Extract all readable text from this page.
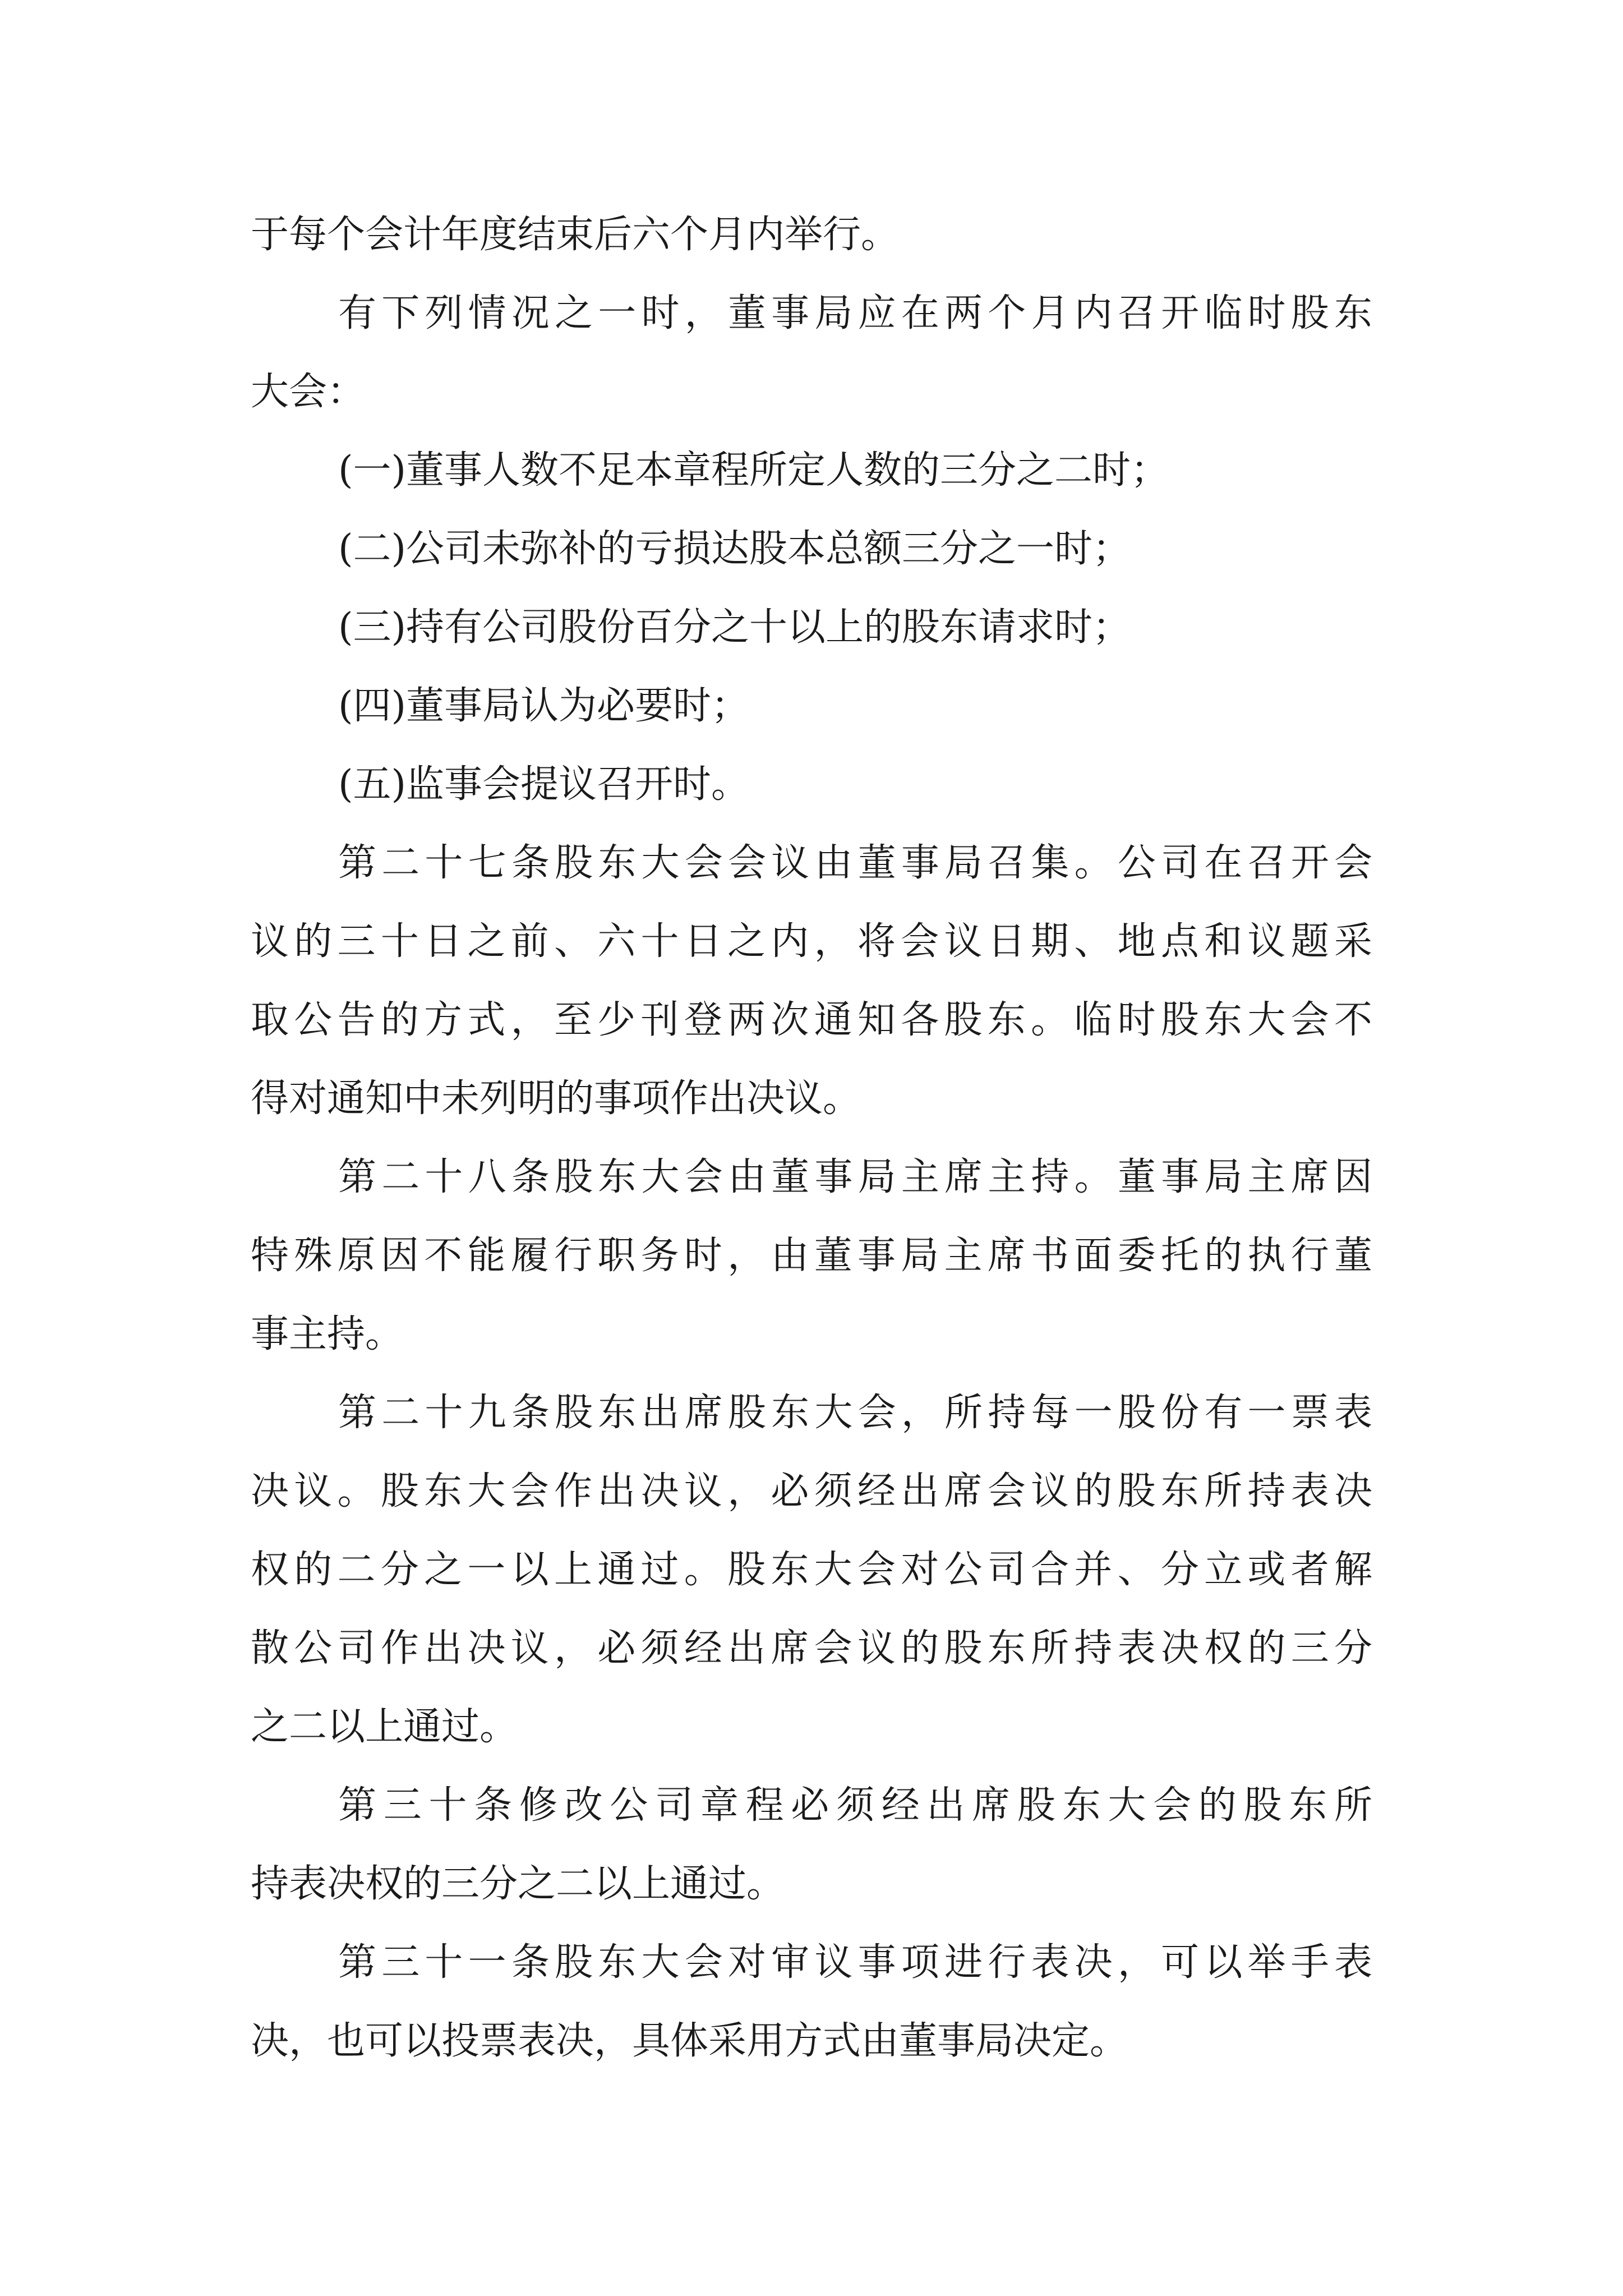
于每个会计年度结束后六个月内举行。
有下列情况之一时，董事局应在两个月内召开临时股东
大会：
(一)董事人数不足本章程所定人数的三分之二时；
(二)公司未弥补的亏损达股本总额三分之一时；
(三)持有公司股份百分之十以上的股东请求时；
(四)董事局认为必要时；
(五)监事会提议召开时。
第二十七条股东大会会议由董事局召集。公司在召开会
议的三十日之前、六十日之内，将会议日期、地点和议题采
取公告的方式，至少刊登两次通知各股东。临时股东大会不
得对通知中未列明的事项作出决议。
第二十八条股东大会由董事局主席主持。董事局主席因
特殊原因不能履行职务时，由董事局主席书面委托的执行董
事主持。
第二十九条股东出席股东大会，所持每一股份有一票表
决议。股东大会作出决议，必须经出席会议的股东所持表决
权的二分之一以上通过。股东大会对公司合并、分立或者解
散公司作出决议，必须经出席会议的股东所持表决权的三分
之二以上通过。
第三十条修改公司章程必须经出席股东大会的股东所
持表决权的三分之二以上通过。
第三十一条股东大会对审议事项进行表决，可以举手表
决，也可以投票表决，具体采用方式由董事局决定。
